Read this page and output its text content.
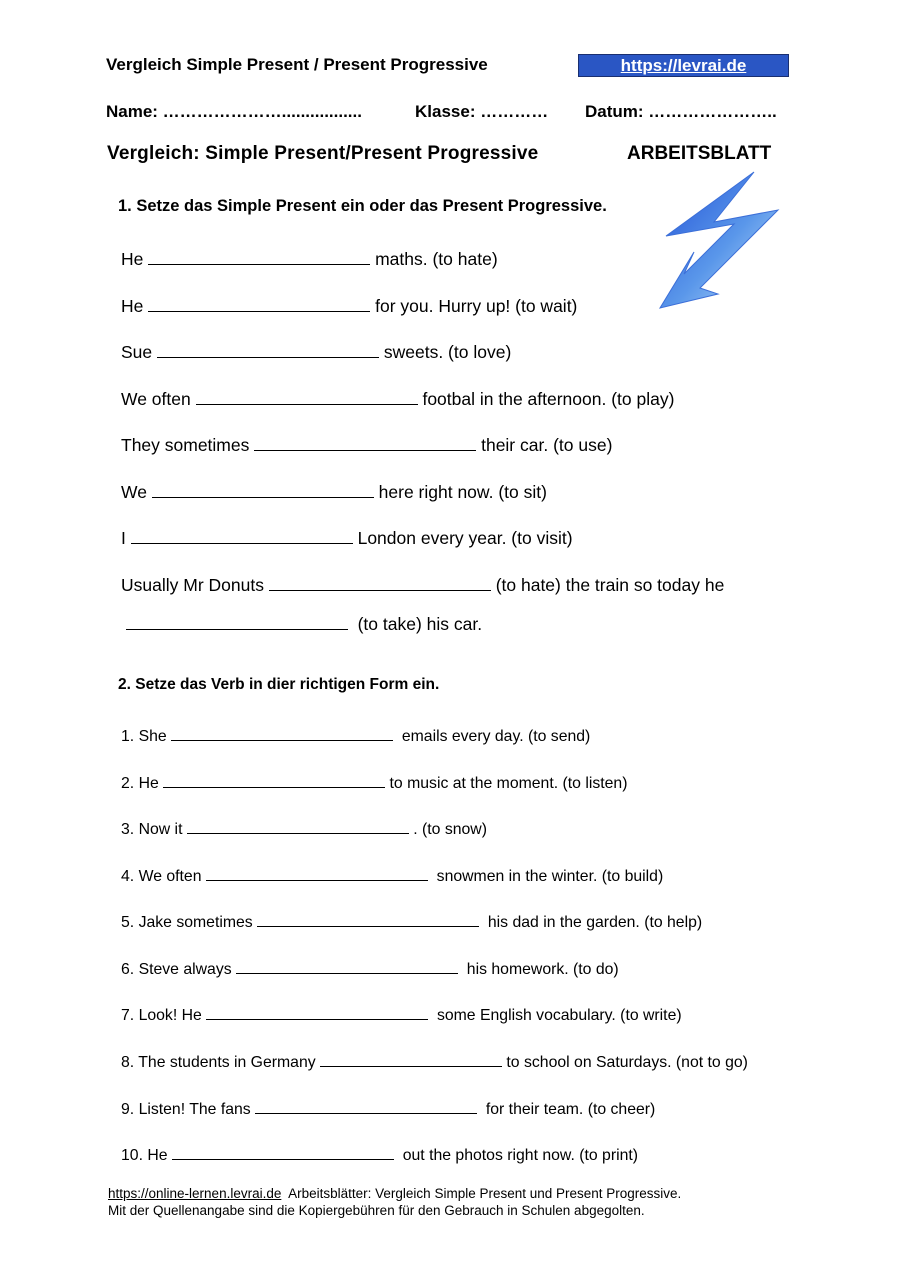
Vergleich Simple Present / Present Progressive	https://levrai.de
Name: ………………….................	Klasse: ………… Datum: …………………..
Vergleich: Simple Present/Present Progressive	ARBEITSBLATT
1. Setze das Simple Present ein oder das Present Progressive.
He	maths. (to hate)
He	for you. Hurry up! (to wait)
Sue	sweets. (to love)
We often	footbal in the afternoon. (to play)
They sometimes	their car. (to use)
We	here right now. (to sit)
I	London every year. (to visit)
Usually Mr Donuts	(to hate) the train so today he
(to take) his car.
2. Setze das Verb in dier richtigen Form ein.
1. She	emails every day. (to send)
2. He	to music at the moment. (to listen)
3. Now it	. (to snow)
4. We often	snowmen in the winter. (to build)
5. Jake sometimes	his dad in the garden. (to help)
6. Steve always	his homework. (to do)
7. Look! He	some English vocabulary. (to write)
8. The students in Germany	to school on Saturdays. (not to go)
9. Listen! The fans	for their team. (to cheer)
10. He	out the photos right now. (to print)
https://online-lernen.levrai.de  Arbeitsblätter: Vergleich Simple Present und Present Progressive.
Mit der Quellenangabe sind die Kopiergebühren für den Gebrauch in Schulen abgegolten.
